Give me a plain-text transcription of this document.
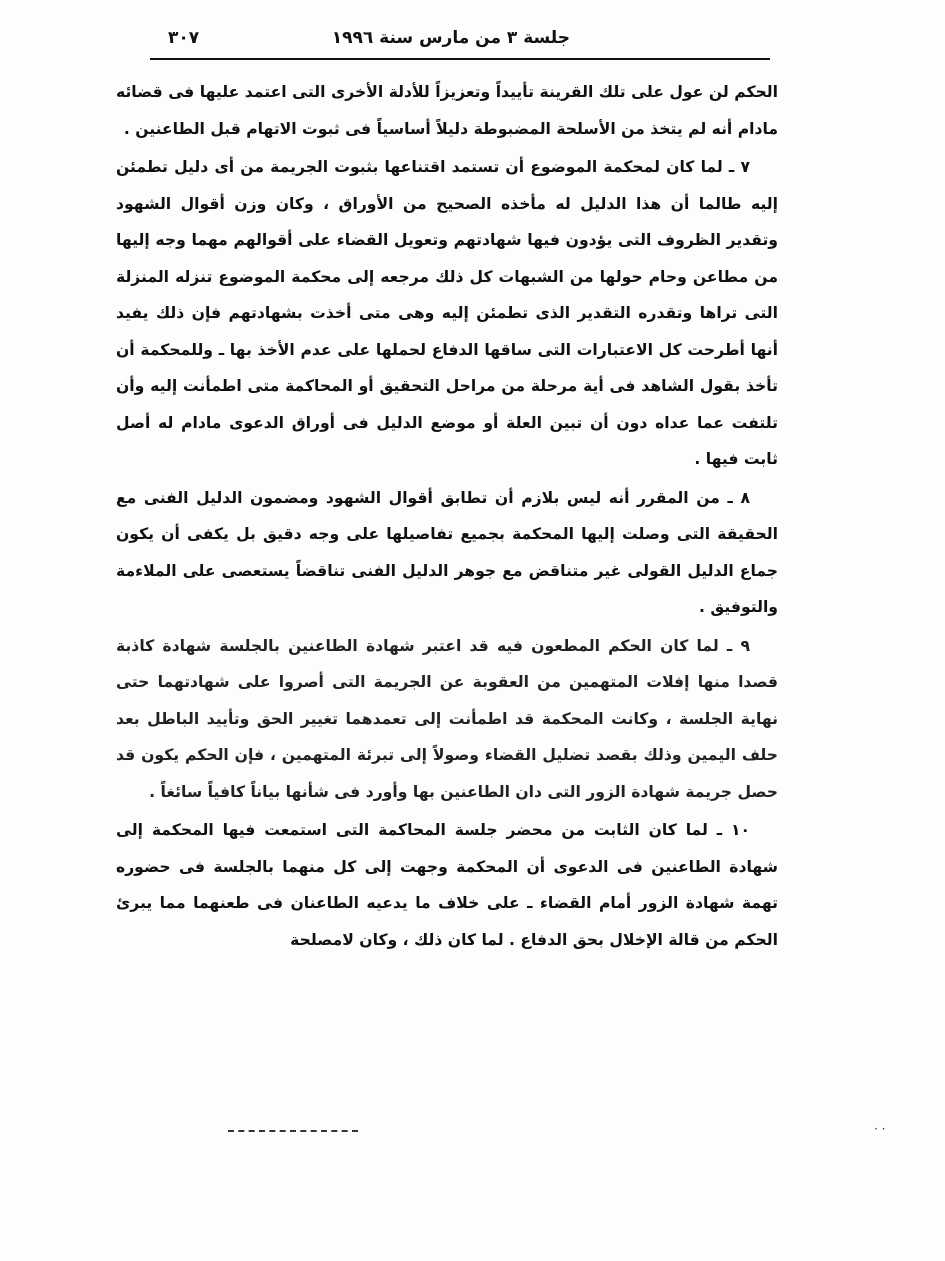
جلسة ٣ من مارس سنة ١٩٩٦
٣٠٧

الحكم لن عول على تلك القرينة تأييداً وتعزيزاً للأدلة الأخرى التى اعتمد عليها فى قضائه مادام أنه لم يتخذ من الأسلحة المضبوطة دليلاً أساسياً فى ثبوت الاتهام قبل الطاعنين .

٧ ـ لما كان لمحكمة الموضوع أن تستمد اقتناعها بثبوت الجريمة من أى دليل تطمئن إليه طالما أن هذا الدليل له مأخذه الصحيح من الأوراق ، وكان وزن أقوال الشهود وتقدير الظروف التى يؤدون فيها شهادتهم وتعويل القضاء على أقوالهم مهما وجه إليها من مطاعن وحام حولها من الشبهات كل ذلك مرجعه إلى محكمة الموضوع تنزله المنزلة التى تراها وتقدره التقدير الذى تطمئن إليه وهى متى أخذت بشهادتهم فإن ذلك يفيد أنها أطرحت كل الاعتبارات التى ساقها الدفاع لحملها على عدم الأخذ بها ـ وللمحكمة أن تأخذ بقول الشاهد فى أية مرحلة من مراحل التحقيق أو المحاكمة متى اطمأنت إليه وأن تلتفت عما عداه دون أن تبين العلة أو موضع الدليل فى أوراق الدعوى مادام له أصل ثابت فيها .

٨ ـ من المقرر أنه ليس بلازم أن تطابق أقوال الشهود ومضمون الدليل الفنى مع الحقيقة التى وصلت إليها المحكمة بجميع تفاصيلها على وجه دقيق بل يكفى أن يكون جماع الدليل القولى غير متناقض مع جوهر الدليل الفنى تناقضاً يستعصى على الملاءمة والتوفيق .

٩ ـ لما كان الحكم المطعون فيه قد اعتبر شهادة الطاعنين بالجلسة شهادة كاذبة قصدا منها إفلات المتهمين من العقوبة عن الجريمة التى أصروا على شهادتهما حتى نهاية الجلسة ، وكانت المحكمة قد اطمأنت إلى تعمدهما تغيير الحق وتأييد الباطل بعد حلف اليمين وذلك بقصد تضليل القضاء وصولاً إلى تبرئة المتهمين ، فإن الحكم يكون قد حصل جريمة شهادة الزور التى دان الطاعنين بها وأورد فى شأنها بياناً كافياً سائغاً .

١٠ ـ لما كان الثابت من محضر جلسة المحاكمة التى استمعت فيها المحكمة إلى شهادة الطاعنين فى الدعوى أن المحكمة وجهت إلى كل منهما بالجلسة فى حضوره تهمة شهادة الزور أمام القضاء ـ على خلاف ما يدعيه الطاعنان فى طعنهما مما يبرئ الحكم من قالة الإخلال بحق الدفاع . لما كان ذلك ، وكان لامصلحة

· ·
